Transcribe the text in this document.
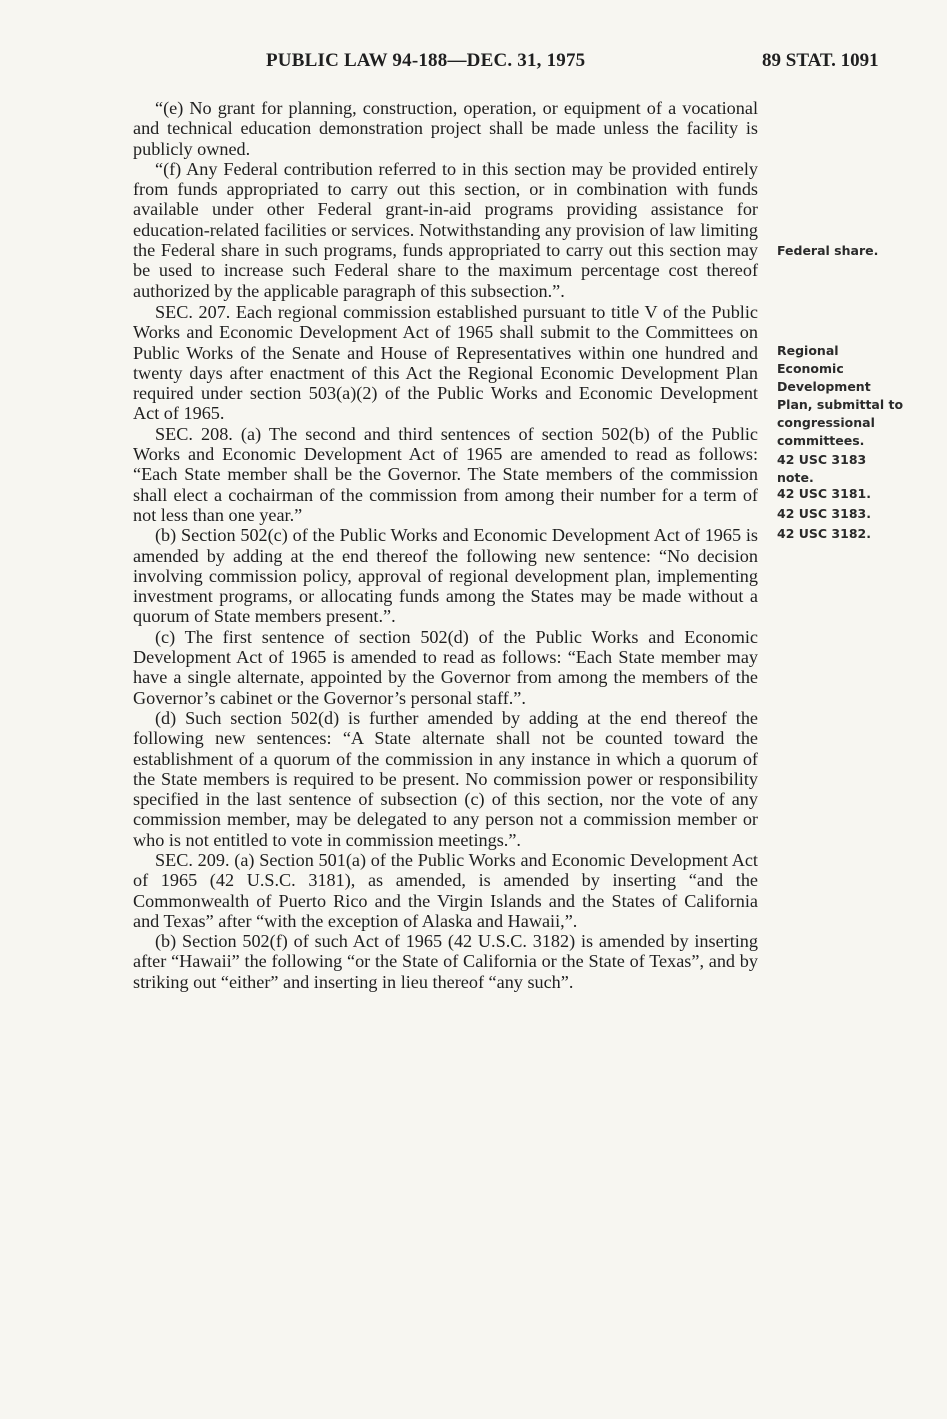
PUBLIC LAW 94-188—DEC. 31, 1975	89 STAT. 1091

“(e) No grant for planning, construction, operation, or equipment of a vocational and technical education demonstration project shall be made unless the facility is publicly owned.

“(f) Any Federal contribution referred to in this section may be provided entirely from funds appropriated to carry out this section, or in combination with funds available under other Federal grant-in-aid programs providing assistance for education-related facilities or services. Notwithstanding any provision of law limiting the Federal share in such programs, funds appropriated to carry out this section may be used to increase such Federal share to the maximum percentage cost thereof authorized by the applicable paragraph of this subsection.”.

SEC. 207. Each regional commission established pursuant to title V of the Public Works and Economic Development Act of 1965 shall submit to the Committees on Public Works of the Senate and House of Representatives within one hundred and twenty days after enactment of this Act the Regional Economic Development Plan required under section 503(a)(2) of the Public Works and Economic Development Act of 1965.

SEC. 208. (a) The second and third sentences of section 502(b) of the Public Works and Economic Development Act of 1965 are amended to read as follows: “Each State member shall be the Governor. The State members of the commission shall elect a cochairman of the commission from among their number for a term of not less than one year.”

(b) Section 502(c) of the Public Works and Economic Development Act of 1965 is amended by adding at the end thereof the following new sentence: “No decision involving commission policy, approval of regional development plan, implementing investment programs, or allocating funds among the States may be made without a quorum of State members present.”.

(c) The first sentence of section 502(d) of the Public Works and Economic Development Act of 1965 is amended to read as follows: “Each State member may have a single alternate, appointed by the Governor from among the members of the Governor’s cabinet or the Governor’s personal staff.”.

(d) Such section 502(d) is further amended by adding at the end thereof the following new sentences: “A State alternate shall not be counted toward the establishment of a quorum of the commission in any instance in which a quorum of the State members is required to be present. No commission power or responsibility specified in the last sentence of subsection (c) of this section, nor the vote of any commission member, may be delegated to any person not a commission member or who is not entitled to vote in commission meetings.”.

SEC. 209. (a) Section 501(a) of the Public Works and Economic Development Act of 1965 (42 U.S.C. 3181), as amended, is amended by inserting “and the Commonwealth of Puerto Rico and the Virgin Islands and the States of California and Texas” after “with the exception of Alaska and Hawaii,”.

(b) Section 502(f) of such Act of 1965 (42 U.S.C. 3182) is amended by inserting after “Hawaii” the following “or the State of California or the State of Texas”, and by striking out “either” and inserting in lieu thereof “any such”.

Federal share.
Regional
Economic
Development
Plan, submittal to
congressional
committees.
42 USC 3183
note.
42 USC 3181.
42 USC 3183.
42 USC 3182.
